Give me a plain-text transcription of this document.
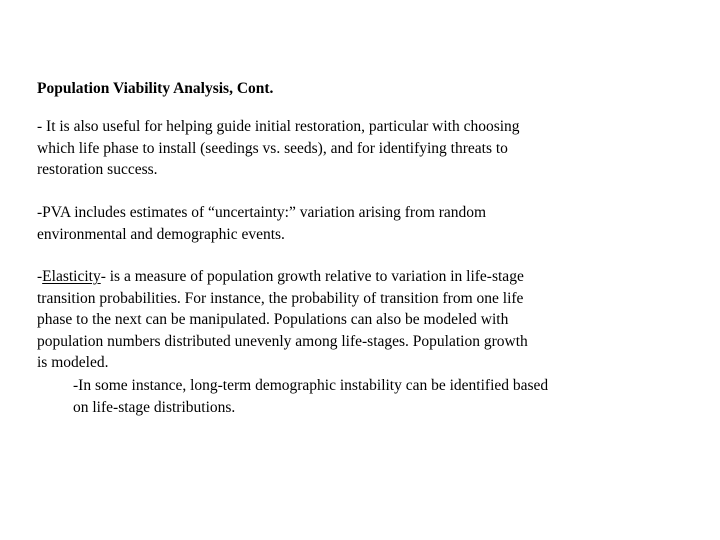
Population Viability Analysis, Cont.
- It is also useful for helping guide initial restoration, particular with choosing
which life phase to install (seedings vs. seeds), and for identifying threats to
restoration success.
-PVA includes estimates of “uncertainty:” variation arising from random
environmental and demographic events.
-Elasticity- is a measure of population growth relative to variation in life-stage
transition probabilities. For instance, the probability of transition from one life
phase to the next can be manipulated. Populations can also be modeled with
population numbers distributed unevenly among life-stages. Population growth
is modeled.
-In some instance, long-term demographic instability can be identified based
on life-stage distributions.
